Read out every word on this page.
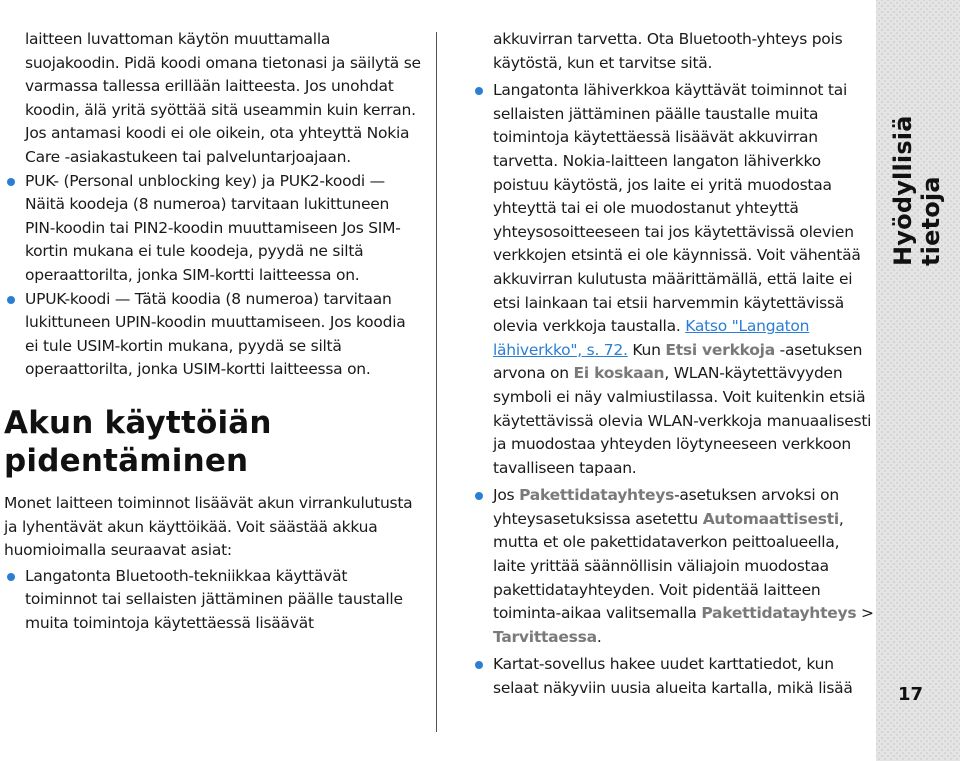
laitteen luvattoman käytön muuttamalla suojakoodin. Pidä koodi omana tietonasi ja säilytä se varmassa tallessa erillään laitteesta. Jos unohdat koodin, älä yritä syöttää sitä useammin kuin kerran. Jos antamasi koodi ei ole oikein, ota yhteyttä Nokia Care -asiakastukeen tai palveluntarjoajaan.
PUK- (Personal unblocking key) ja PUK2-koodi — Näitä koodeja (8 numeroa) tarvitaan lukittuneen PIN-koodin tai PIN2-koodin muuttamiseen Jos SIM-kortin mukana ei tule koodeja, pyydä ne siltä operaattorilta, jonka SIM-kortti laitteessa on.
UPUK-koodi — Tätä koodia (8 numeroa) tarvitaan lukittuneen UPIN-koodin muuttamiseen. Jos koodia ei tule USIM-kortin mukana, pyydä se siltä operaattorilta, jonka USIM-kortti laitteessa on.
Akun käyttöiän
pidentäminen
Monet laitteen toiminnot lisäävät akun virrankulutusta ja lyhentävät akun käyttöikää. Voit säästää akkua huomioimalla seuraavat asiat:
Langatonta Bluetooth-tekniikkaa käyttävät toiminnot tai sellaisten jättäminen päälle taustalle muita toimintoja käytettäessä lisäävät
akkuvirran tarvetta. Ota Bluetooth-yhteys pois käytöstä, kun et tarvitse sitä.
Langatonta lähiverkkoa käyttävät toiminnot tai sellaisten jättäminen päälle taustalle muita toimintoja käytettäessä lisäävät akkuvirran tarvetta. Nokia-laitteen langaton lähiverkko poistuu käytöstä, jos laite ei yritä muodostaa yhteyttä tai ei ole muodostanut yhteyttä yhteysosoitteeseen tai jos käytettävissä olevien verkkojen etsintä ei ole käynnissä. Voit vähentää akkuvirran kulutusta määrittämällä, että laite ei etsi lainkaan tai etsii harvemmin käytettävissä olevia verkkoja taustalla. Katso "Langaton lähiverkko", s. 72. Kun Etsi verkkoja -asetuksen arvona on Ei koskaan, WLAN-käytettävyyden symboli ei näy valmiustilassa. Voit kuitenkin etsiä käytettävissä olevia WLAN-verkkoja manuaalisesti ja muodostaa yhteyden löytyneeseen verkkoon tavalliseen tapaan.
Jos Pakettidatayhteys-asetuksen arvoksi on yhteysasetuksissa asetettu Automaattisesti, mutta et ole pakettidataverkon peittoalueella, laite yrittää säännöllisin väliajoin muodostaa pakettidatayhteyden. Voit pidentää laitteen toiminta-aikaa valitsemalla Pakettidatayhteys > Tarvittaessa.
Kartat-sovellus hakee uudet karttatiedot, kun selaat näkyviin uusia alueita kartalla, mikä lisää
Hyödyllisiä tietoja
17
